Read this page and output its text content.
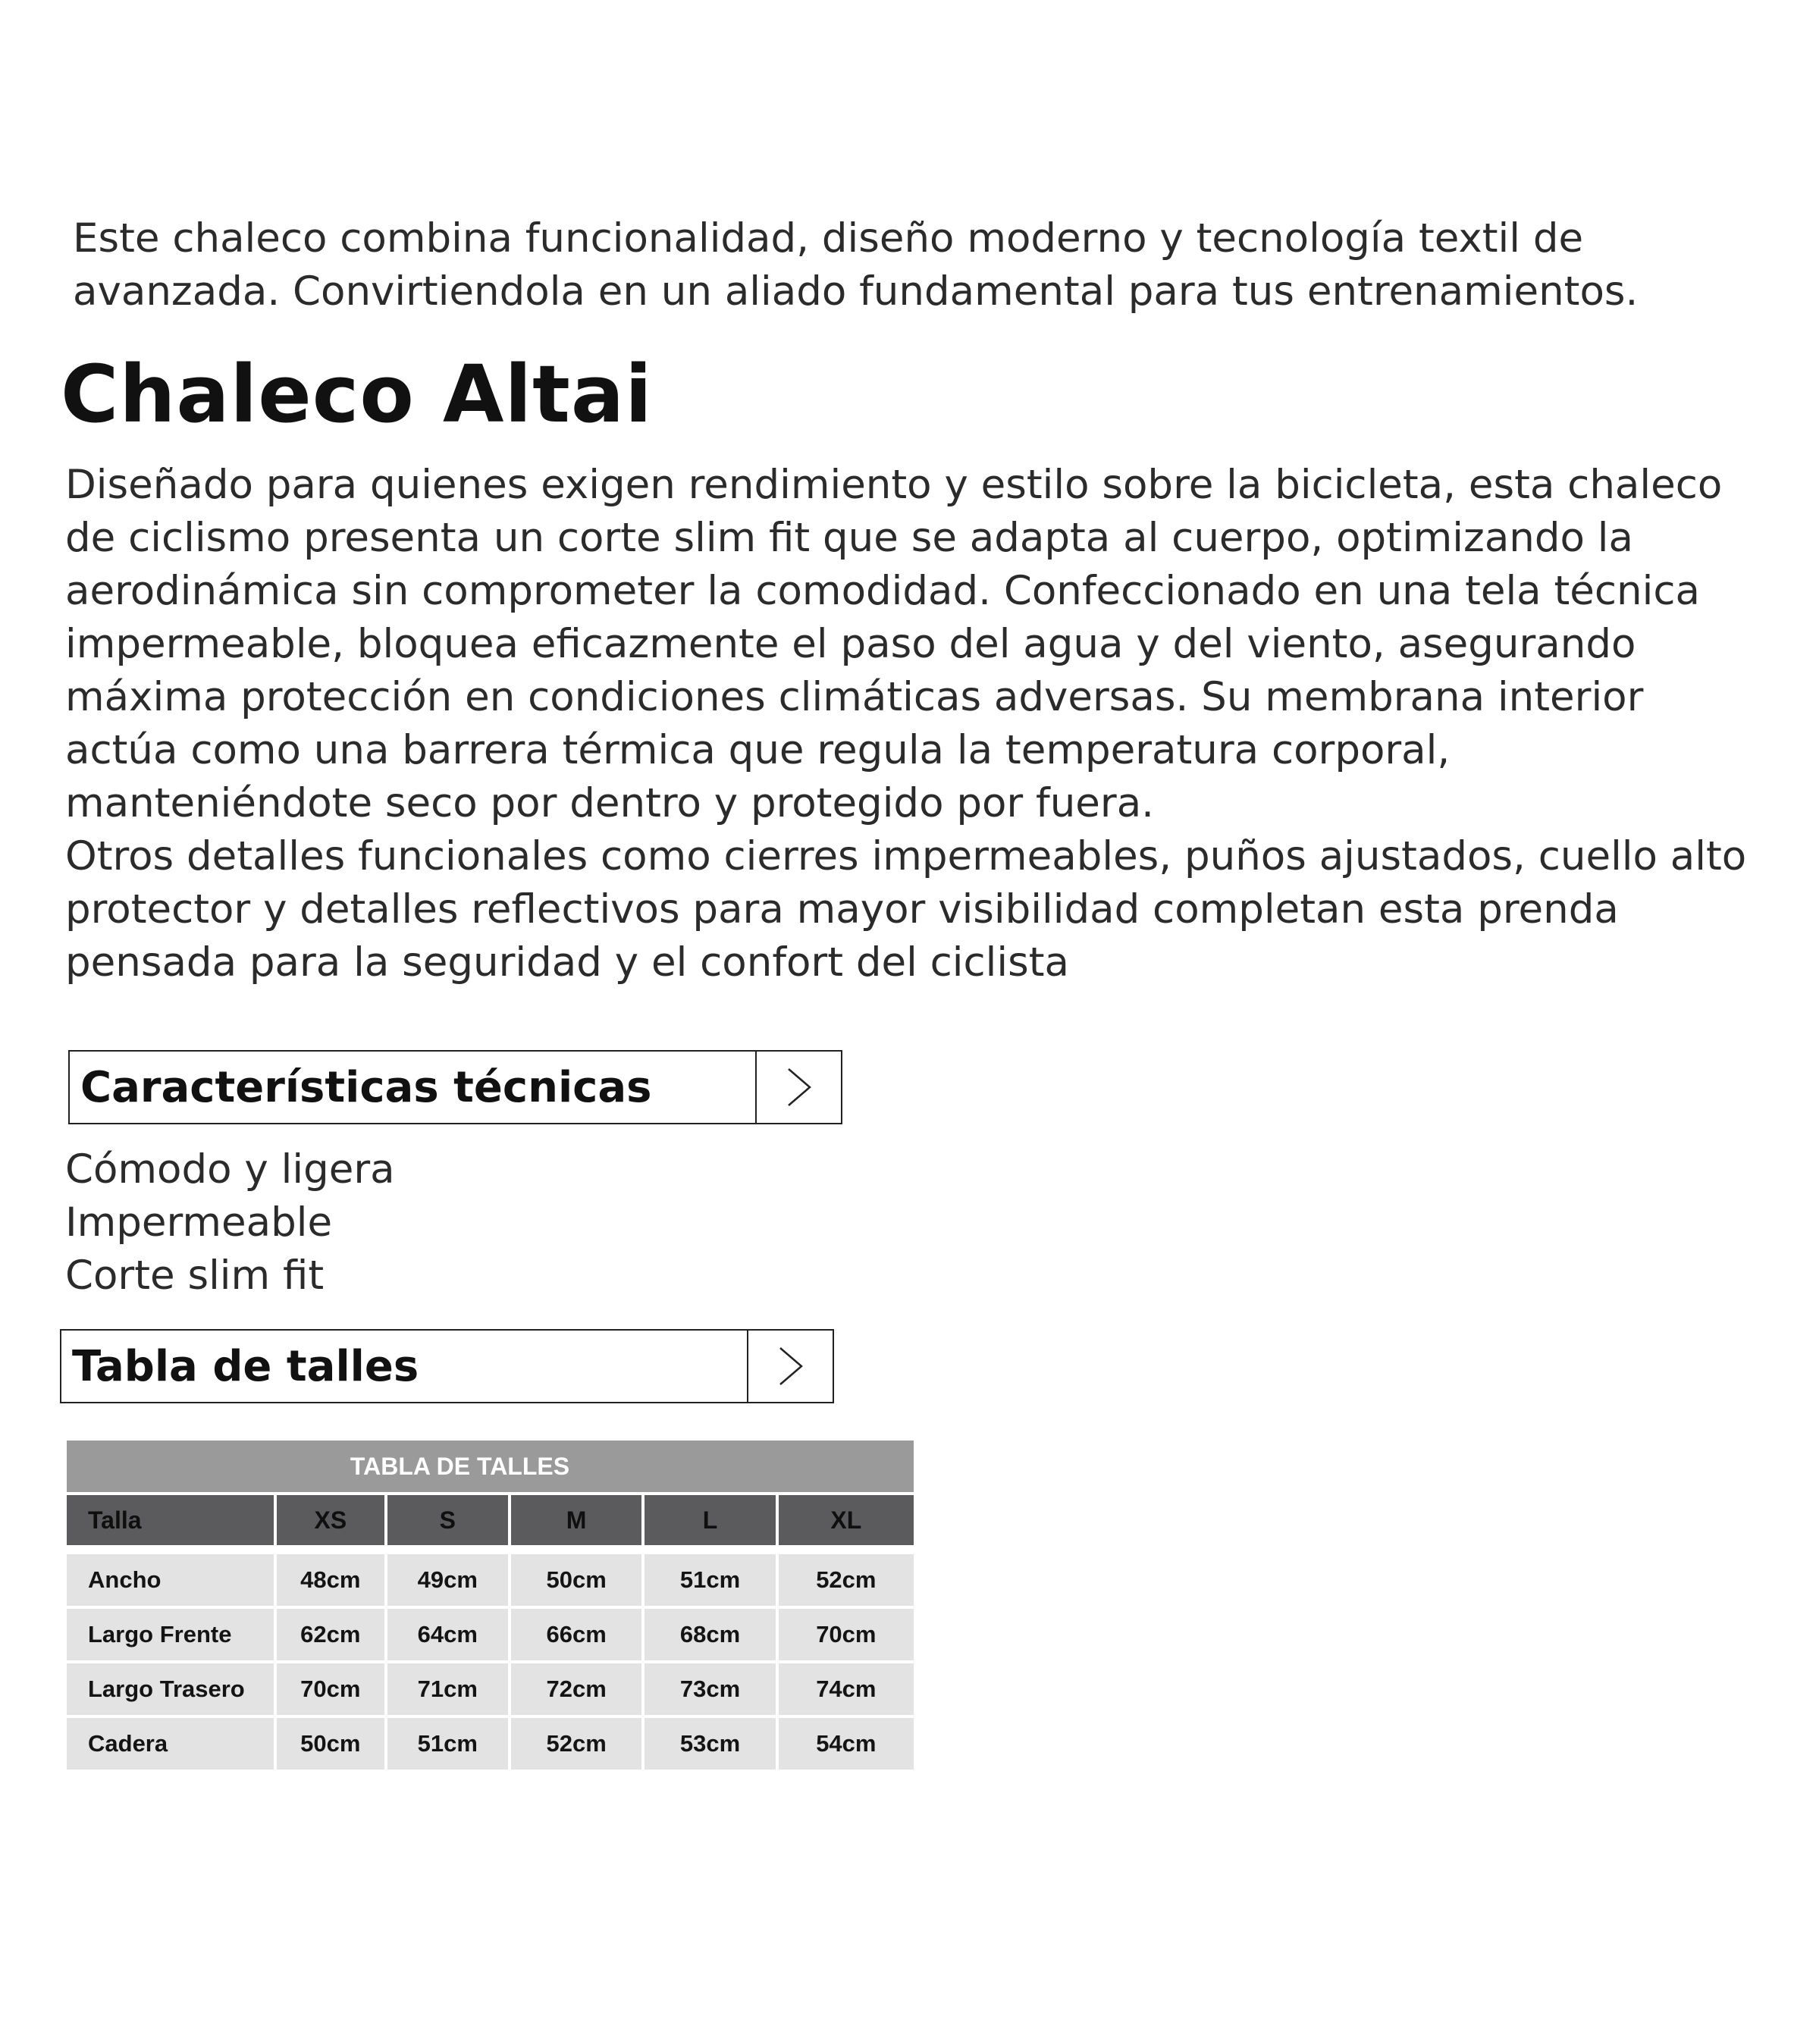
Este chaleco combina funcionalidad, diseño moderno y tecnología textil de avanzada. Convirtiendola en un aliado fundamental para tus entrenamientos.

Chaleco Altai

Diseñado para quienes exigen rendimiento y estilo sobre la bicicleta, esta chaleco de ciclismo presenta un corte slim fit que se adapta al cuerpo, optimizando la aerodinámica sin comprometer la comodidad. Confeccionado en una tela técnica impermeable, bloquea eficazmente el paso del agua y del viento, asegurando máxima protección en condiciones climáticas adversas. Su membrana interior actúa como una barrera térmica que regula la temperatura corporal, manteniéndote seco por dentro y protegido por fuera.

Otros detalles funcionales como cierres impermeables, puños ajustados, cuello alto protector y detalles reflectivos para mayor visibilidad completan esta prenda pensada para la seguridad y el confort del ciclista

Características técnicas
Cómodo y ligera
Impermeable
Corte slim fit
Tabla de talles
TABLA DE TALLES
Talla	XS	S	M	L	XL
Ancho	48cm	49cm	50cm	51cm	52cm
Largo Frente	62cm	64cm	66cm	68cm	70cm
Largo Trasero	70cm	71cm	72cm	73cm	74cm
Cadera	50cm	51cm	52cm	53cm	54cm
